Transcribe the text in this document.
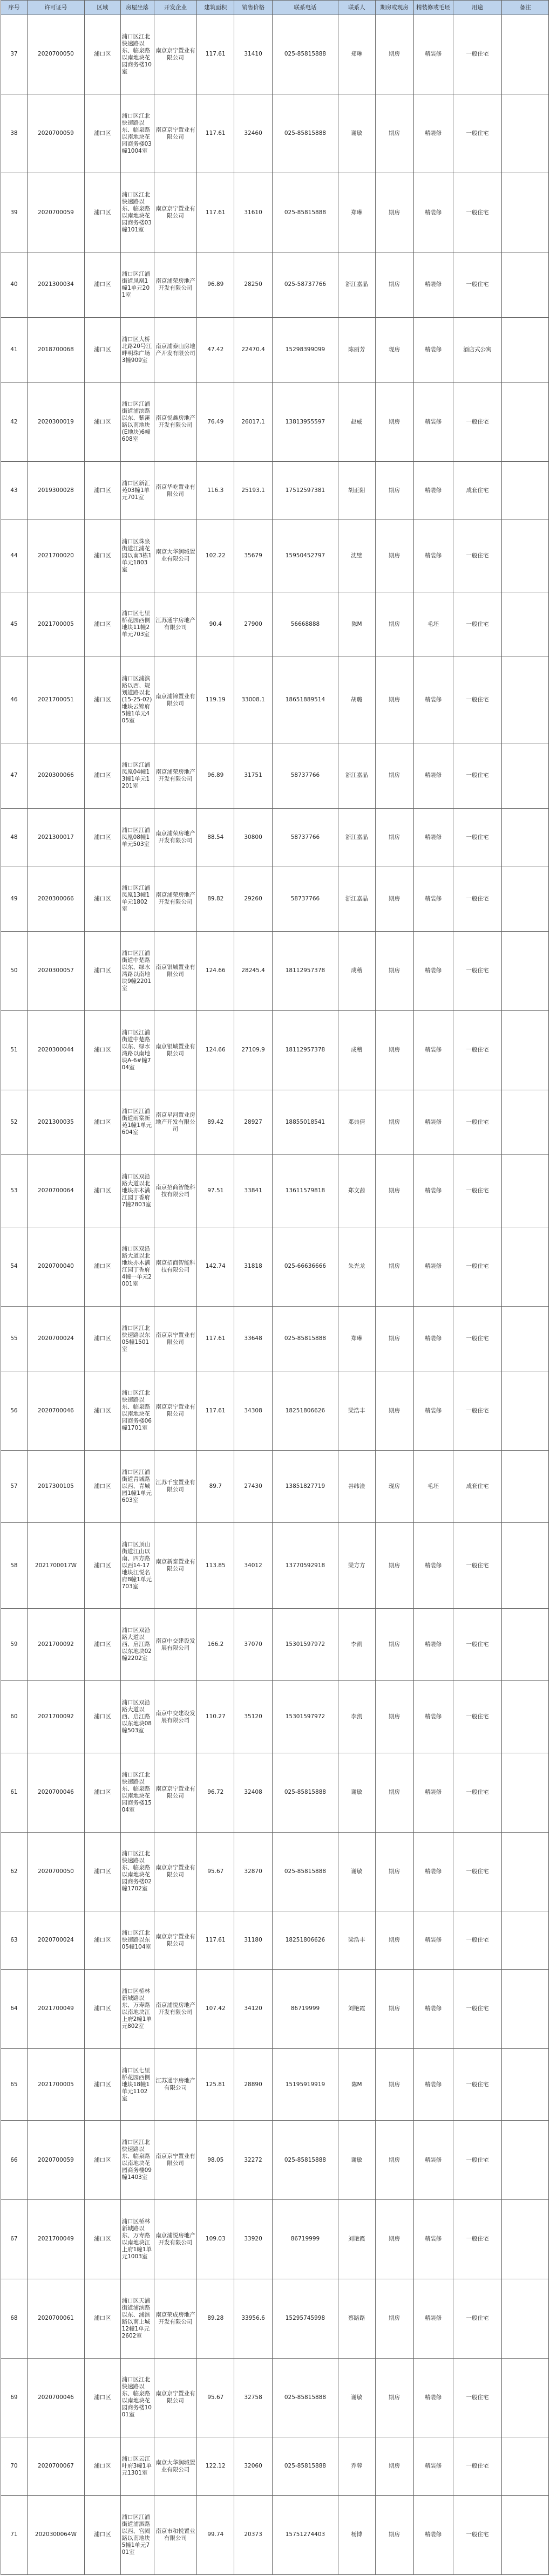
序号	许可证号	区域	房屋坐落	开发企业	建筑面积	销售价格	联系电话	联系人	期房或现房	精装修或毛坯	用途	备注
37	2020700050	浦口区	浦口区江北快速路以东、临泉路以南地块花园商务楼10室	南京京宁置业有限公司	117.61	31410	025-85815888	郑琳	期房	精装修	一般住宅	
38	2020700059	浦口区	浦口区江北快速路以东、临泉路以南地块花园商务楼03幢1004室	南京京宁置业有限公司	117.61	32460	025-85815888	谢敏	期房	精装修	一般住宅	
39	2020700059	浦口区	浦口区江北快速路以东、临泉路以南地块花园商务楼03幢101室	南京京宁置业有限公司	117.61	31610	025-85815888	郑琳	期房	精装修	一般住宅	
40	2021300034	浦口区	浦口区江浦街道凤凰1幢1单元201室	南京浦荣房地产开发有限公司	96.89	28250	025-58737766	浙江嘉晶	期房	精装修	一般住宅	
41	2018700068	浦口区	浦口区大桥北路20号江畔明珠广场3幢909室	南京浦泰山房地产开发有限公司	47.42	22470.4	15298399099	陈丽芳	现房	精装修	酒店式公寓	
42	2020300019	浦口区	浦口区江浦街道浦滨路以东、紫溪路以南地块(E地块)6幢608室	南京悦鑫房地产开发有限公司	76.49	26017.1	13813955597	赵威	期房	精装修	一般住宅	
43	2019300028	浦口区	浦口区新汇苑03幢1单元701室	南京华屹置业有限公司	116.3	25193.1	17512597381	胡正阳	期房	精装修	成套住宅	
44	2021700020	浦口区	浦口区珠泉街道江浦花园以南3栋1单元1803室	南京大华润城置业有限公司	102.22	35679	15950452797	沈璧	期房	精装修	一般住宅	
45	2021700005	浦口区	浦口区七里桥花园西侧地块11幢2单元703室	江苏通宇房地产有限公司	90.4	27900	56668888	陈M	期房	毛坯	一般住宅	
46	2021700051	浦口区	浦口区浦滨路以西、规划道路以北(15-25-02)地块云锦府5幢1单元405室	南京浦锦置业有限公司	119.19	33008.1	18651889514	胡璐	期房	精装修	一般住宅	
47	2020300066	浦口区	浦口区江浦凤凰04幢13幢1单元1201室	南京浦荣房地产开发有限公司	96.89	31751	58737766	浙江嘉晶	期房	精装修	一般住宅	
48	2021300017	浦口区	浦口区江浦凤凰08幢1单元503室	南京浦荣房地产开发有限公司	88.54	30800	58737766	浙江嘉晶	期房	精装修	一般住宅	
49	2020300066	浦口区	浦口区江浦凤凰13幢1单元1802室	南京浦荣房地产开发有限公司	89.82	29260	58737766	浙江嘉晶	期房	精装修	一般住宅	
50	2020300057	浦口区	浦口区江浦街道中楚路以东、绿水湾路以南地块9幢2201室	南京银城置业有限公司	124.66	28245.4	18112957378	成稽	期房	精装修	一般住宅	
51	2020300044	浦口区	浦口区江浦街道中楚路以东、绿水湾路以南地块A-6#幢704室	南京银城置业有限公司	124.66	27109.9	18112957378	成稽	期房	精装修	一般住宅	
52	2021300035	浦口区	浦口区江浦街道雨棠新苑1幢1单元604室	南京星河置业房地产开发有限公司	89.42	28927	18855018541	邓典倩	期房	精装修	一般住宅	
53	2020700064	浦口区	浦口区双沿路大道以北地块亦木满江园丁香府7幢2803室	南京招商智能科技有限公司	97.51	33841	13611579818	郑文茜	期房	精装修	一般住宅	
54	2020700040	浦口区	浦口区双沿路大道以北地块亦木满江园丁香府4幢一单元2001室	南京招商智能科技有限公司	142.74	31818	025-66636666	朱光龙	期房	精装修	一般住宅	
55	2020700024	浦口区	浦口区江北快速路以东05幢1501室	南京京宁置业有限公司	117.61	33648	025-85815888	郑琳	期房	精装修	一般住宅	
56	2020700046	浦口区	浦口区江北快速路以东、临泉路以南地块花园商务楼06幢1701室	南京京宁置业有限公司	117.61	34308	18251806626	梁浩丰	期房	精装修	一般住宅	
57	2017300105	浦口区	浦口区江浦街道青城路以西、青城园1幢1单元603室	江苏千宝置业有限公司	89.7	27430	13851827719	谷纬淦	现房	毛坯	成套住宅	
58	2021700017W	浦口区	浦口区顶山街道江山以南、四方路以西14-17地块江悦名府8幢1单元703室	南京新泰置业有限公司	113.85	34012	13770592918	梁方方	期房	精装修	一般住宅	
59	2021700092	浦口区	浦口区双沿路大道以西、启江路以东地块02幢2202室	南京中交建设发展有限公司	166.2	37070	15301597972	李凯	期房	精装修	一般住宅	
60	2021700092	浦口区	浦口区双沿路大道以西、启江路以东地块08幢503室	南京中交建设发展有限公司	110.27	35120	15301597972	李凯	期房	精装修	一般住宅	
61	2020700046	浦口区	浦口区江北快速路以东、临泉路以南地块花园商务楼1504室	南京京宁置业有限公司	96.72	32408	025-85815888	谢敏	期房	精装修	一般住宅	
62	2020700050	浦口区	浦口区江北快速路以东、临泉路以南地块花园商务楼02幢1702室	南京京宁置业有限公司	95.67	32870	025-85815888	谢敏	期房	精装修	一般住宅	
63	2020700024	浦口区	浦口区江北快速路以东05幢104室	南京京宁置业有限公司	117.61	31180	18251806626	梁浩丰	期房	精装修	一般住宅	
64	2021700049	浦口区	浦口区桥林新城路以东、万寿路以南地块江上府2幢1单元802室	南京浦悦房地产开发有限公司	107.42	34120	86719999	刘艳霞	期房	精装修	一般住宅	
65	2021700005	浦口区	浦口区七里桥花园西侧地块18幢1单元1102室	江苏通宇房地产有限公司	125.81	28890	15195919919	陈M	期房	精装修	一般住宅	
66	2020700059	浦口区	浦口区江北快速路以东、临泉路以南地块花园商务楼09幢1403室	南京京宁置业有限公司	98.05	32272	025-85815888	谢敏	期房	精装修	一般住宅	
67	2021700049	浦口区	浦口区桥林新城路以东、万寿路以南地块江上府1幢1单元1003室	南京浦悦房地产开发有限公司	109.03	33920	86719999	刘艳霞	期房	精装修	一般住宅	
68	2020700061	浦口区	浦口区天浦街道浦滨路以东、浦滨路以南上城12幢1单元2602室	南京荣成房地产开发有限公司	89.28	33956.6	15295745998	蔡路路	期房	精装修	一般住宅	
69	2020700046	浦口区	浦口区江北快速路以东、临泉路以南地块花园商务楼1001室	南京京宁置业有限公司	95.67	32758	025-85815888	谢敏	期房	精装修	一般住宅	
70	2020700067	浦口区	浦口区云江叶府3幢1单元1301室	南京大华润城置业有限公司	122.12	32060	025-85815888	乔蓉	期房	精装修	一般住宅	
71	2020300064W	浦口区	浦口区江浦街道浦泗路以西、宫阙路以南地块5幢1单元701室	南京市和悦置业有限公司	99.74	20373	15751274403	杨博	期房	精装修	一般住宅	
